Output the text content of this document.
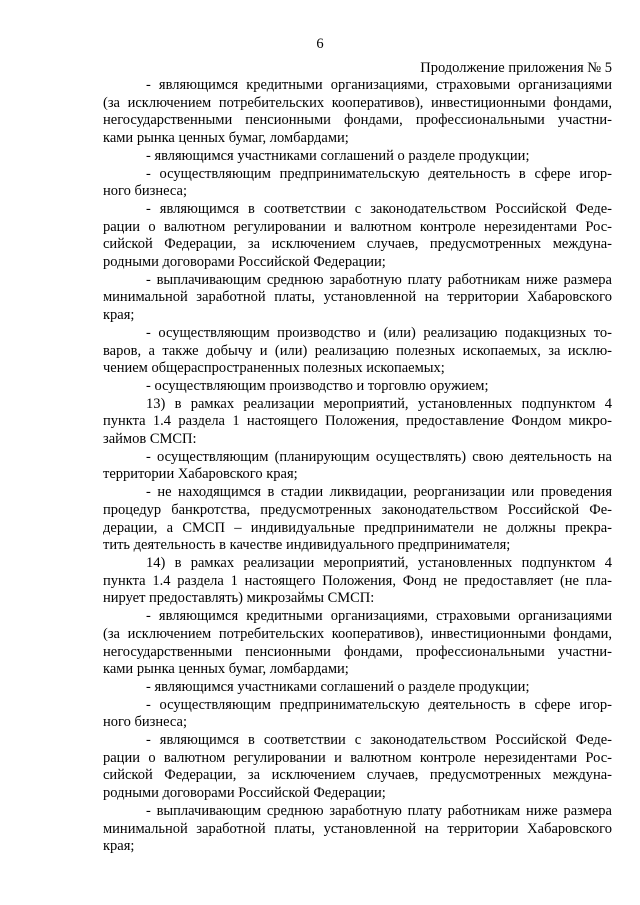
6
Продолжение приложения № 5
- являющимся кредитными организациями, страховыми организациями
(за исключением потребительских кооперативов), инвестиционными фондами,
негосударственными пенсионными фондами, профессиональными участни-
ками рынка ценных бумаг, ломбардами;
- являющимся участниками соглашений о разделе продукции;
- осуществляющим предпринимательскую деятельность в сфере игор-
ного бизнеса;
- являющимся в соответствии с законодательством Российской Феде-
рации о валютном регулировании и валютном контроле нерезидентами Рос-
сийской Федерации, за исключением случаев, предусмотренных междуна-
родными договорами Российской Федерации;
- выплачивающим среднюю заработную плату работникам ниже размера
минимальной заработной платы, установленной на территории Хабаровского
края;
- осуществляющим производство и (или) реализацию подакцизных то-
варов, а также добычу и (или) реализацию полезных ископаемых, за исклю-
чением общераспространенных полезных ископаемых;
- осуществляющим производство и торговлю оружием;
13) в рамках реализации мероприятий, установленных подпунктом 4
пункта 1.4 раздела 1 настоящего Положения, предоставление Фондом микро-
займов СМСП:
- осуществляющим (планирующим осуществлять) свою деятельность на
территории Хабаровского края;
- не находящимся в стадии ликвидации, реорганизации или проведения
процедур банкротства, предусмотренных законодательством Российской Фе-
дерации, а СМСП – индивидуальные предприниматели не должны прекра-
тить деятельность в качестве индивидуального предпринимателя;
14) в рамках реализации мероприятий, установленных подпунктом 4
пункта 1.4 раздела 1 настоящего Положения, Фонд не предоставляет (не пла-
нирует предоставлять) микрозаймы СМСП:
- являющимся кредитными организациями, страховыми организациями
(за исключением потребительских кооперативов), инвестиционными фондами,
негосударственными пенсионными фондами, профессиональными участни-
ками рынка ценных бумаг, ломбардами;
- являющимся участниками соглашений о разделе продукции;
- осуществляющим предпринимательскую деятельность в сфере игор-
ного бизнеса;
- являющимся в соответствии с законодательством Российской Феде-
рации о валютном регулировании и валютном контроле нерезидентами Рос-
сийской Федерации, за исключением случаев, предусмотренных междуна-
родными договорами Российской Федерации;
- выплачивающим среднюю заработную плату работникам ниже размера
минимальной заработной платы, установленной на территории Хабаровского
края;
